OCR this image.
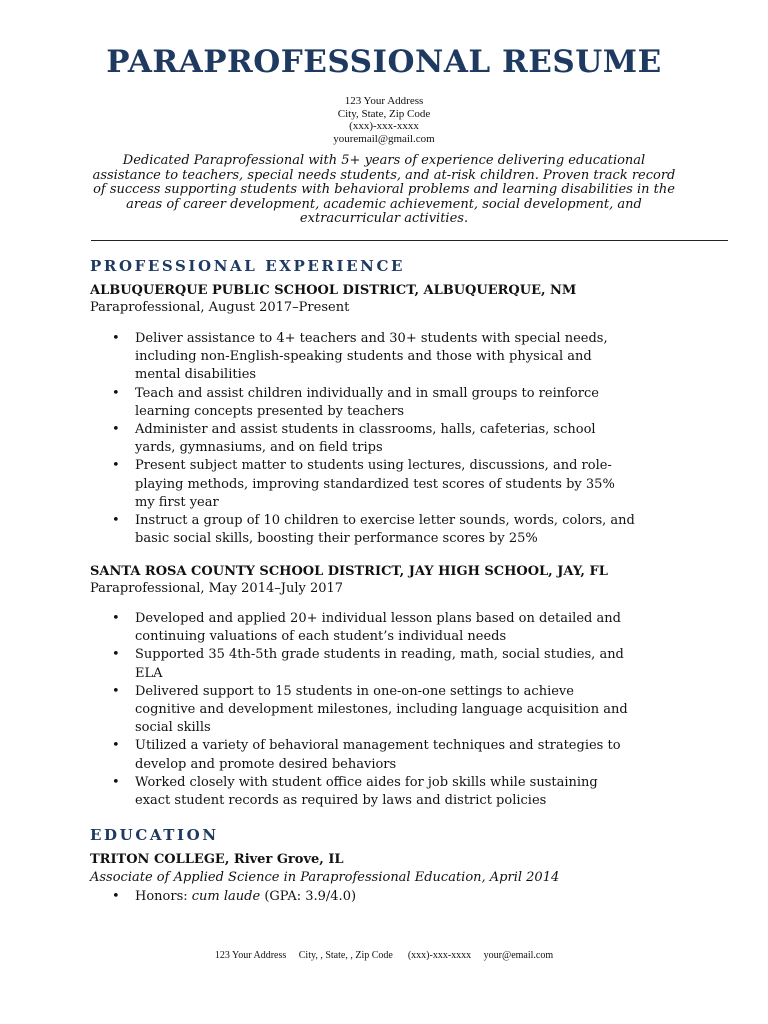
PARAPROFESSIONAL RESUME
123 Your Address
City, State, Zip Code
(xxx)-xxx-xxxx
youremail@gmail.com
Dedicated Paraprofessional with 5+ years of experience delivering educational assistance to teachers, special needs students, and at-risk children. Proven track record of success supporting students with behavioral problems and learning disabilities in the areas of career development, academic achievement, social development, and extracurricular activities.
PROFESSIONAL EXPERIENCE
ALBUQUERQUE PUBLIC SCHOOL DISTRICT, ALBUQUERQUE, NM
Paraprofessional, August 2017–Present
• Deliver assistance to 4+ teachers and 30+ students with special needs, including non-English-speaking students and those with physical and mental disabilities
• Teach and assist children individually and in small groups to reinforce learning concepts presented by teachers
• Administer and assist students in classrooms, halls, cafeterias, school yards, gymnasiums, and on field trips
• Present subject matter to students using lectures, discussions, and role-playing methods, improving standardized test scores of students by 35% my first year
• Instruct a group of 10 children to exercise letter sounds, words, colors, and basic social skills, boosting their performance scores by 25%
SANTA ROSA COUNTY SCHOOL DISTRICT, JAY HIGH SCHOOL, JAY, FL
Paraprofessional, May 2014–July 2017
• Developed and applied 20+ individual lesson plans based on detailed and continuing valuations of each student’s individual needs
• Supported 35 4th-5th grade students in reading, math, social studies, and ELA
• Delivered support to 15 students in one-on-one settings to achieve cognitive and development milestones, including language acquisition and social skills
• Utilized a variety of behavioral management techniques and strategies to develop and promote desired behaviors
• Worked closely with student office aides for job skills while sustaining exact student records as required by laws and district policies
EDUCATION
TRITON COLLEGE, River Grove, IL
Associate of Applied Science in Paraprofessional Education, April 2014
• Honors: cum laude (GPA: 3.9/4.0)
123 Your Address     City, , State, , Zip Code      (xxx)-xxx-xxxx     your@email.com
